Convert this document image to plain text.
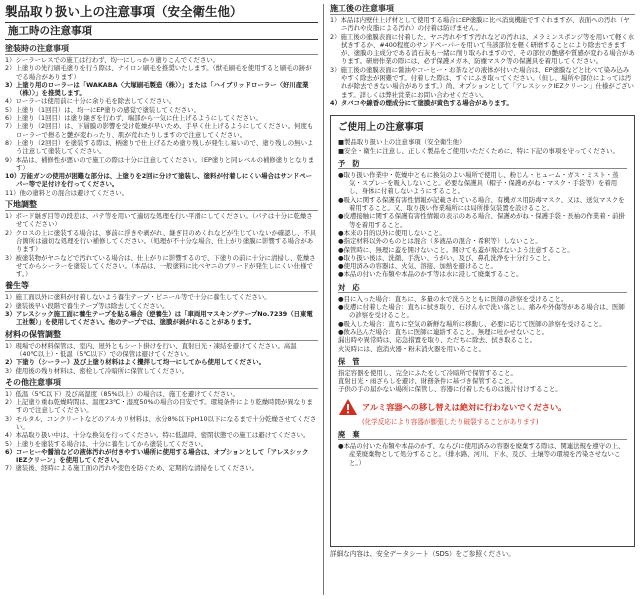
製品取り扱い上の注意事項（安全衛生他）
施工時の注意事項
塗装時の注意事項

1）シーラーレスでの施工は行わず、均一にしっかり塗りこんでください。

2）上塗りの先行刷毛塗りを行う際は、ナイロン刷毛を推奨いたします。（獣毛刷毛を使用すると刷毛の跡がでる場合があります）

3）上塗り用のローラーは「WAKABA〈大塚刷毛製造（株）〉」または「ハイブリッドローラー〈好川産業（株）〉」を推奨します。

4）ローラーは使用前に十分に余り毛を除去してください。

5）上塗り（1回目）は、均一にEP塗りの感覚で塗装してください。

6）上塗り（1回目）は塗り継ぎを行わず、端部から一気に仕上げるようにしてください。

7）上塗り（2回目）は、下層膜の影響を受け乾燥が早いため、手早く仕上げるようにしてください。何度もローラーで擦ると艶が変わったり、肌が荒れたりしますので注意してください。

8）上塗り（2回目）を塗装する際は、柄塗りで仕上げるため塗り残しが発生し易いので、塗り残しの無いよう注意して塗装してください。

9）本品は、補修性が悪いので施工の際は十分に注意してください。（EP塗りと同レベルの補修塗りとなります）

10）万能ガンの使用が困難な部分は、上塗りを2回に分けて塗装し、塗料が付着しにくい場合はサンドペーパー等で足付けを行ってください。

11）他の塗料との混合は避けてください。

下地調整

1）ボード継ぎ目等の段差は、パテ等を用いて適切な処理を行い平滑にしてください。（パテは十分に乾燥させてください）

2）クロスの上に塗装する場合は、事前に浮きや剥がれ、継ぎ目のめくれなどが生じていないか確認し、不具合箇所は適切な処理を行い補修してください。（処理が不十分な場合、仕上がり塗膜に影響する場合があります）

3）被塗装物がヤニなどで汚れている場合は、仕上がりに影響するので、下塗りの前に十分に清掃し、乾燥させてからシーラーを塗装してください。（本品は、一般塗料に比べヤニのブリードが発生しにくい仕様です。）

養生等

1）施工面以外に塗料が付着しないよう養生テープ・ビニール等で十分に養生してください。

2）塗装後早い段階で養生テープ等は除去してください。

3）アレスシック施工面に養生テープを貼る場合（逆養生）は「車両用マスキングテープNo.7239（日東電工社製）」を使用してください。他のテープでは、塗膜が剥がれることがあります。

材料の保管調整

1）現場での材料保管は、室内、屋外ともシート掛けを行い、直射日光・凍結を避けてください。高温（40℃以上）・低温（5℃以下）での保管は避けてください。

2）下塗り（シーラー）及び上塗り材料はよく攪拌して均一にしてから使用してください。

3）使用後の残り材料は、密栓して冷暗所に保管してください。

その他注意事項

1）低温（5℃以下）及び高湿度（85%以上）の場合は、施工を避けてください。

2）上記塗り重ね乾燥時間は、温度23℃・湿度50%の場合の目安です。環境条件により乾燥時間が異なりますので注意してください。

3）モルタル、コンクリートなどのアルカリ材料は、水分8%以下pH10以下になるまで十分乾燥させてください。

4）本品取り扱い中は、十分な換気を行ってください。特に低温時、密閉状態での施工は避けてください。

5）上塗りを塗装する場合は、十分に養生してから塗装してください。

6）コーヒーや醤油などの液体汚れが付きやすい場所に使用する場合は、オプションとして「アレスシックIEZクリーン」を使用してください。

7）塗装後、経時による施工面の汚れや変色を防ぐため、定期的な清掃をしてください。

施工後の注意事項

1）本品は内壁仕上げ材として使用する場合にEP塗膜に比べ消臭機能ですぐれますが、表面への汚れ（ヤニ汚れや皮脂による汚れ）の付着は防げません。

2）施工後の塗膜表面に付着した、ヤニ汚れやすす汚れなどの汚れは、メラミンスポンジ等を用いて軽く水拭きするか、#400程度のサンドペーパーを用いて当該部位を軽く研磨することにより除去できますが、塗膜の主成分である消石灰も一緒に削り取られますので、その部位の艶感や質感が変わる場合があります。研磨作業の際には、必ず保護メガネ、防塵マスク等の保護具を着用してください。

3）施工後の塗膜表面に醤油やコーヒー・お茶などの液体が付いた場合は、EP塗膜などと比べて染み込みやすく除去が困難です。付着した際は、すぐにふき取ってください。（但し、場所や部位によっては汚れが除去できない場合があります。）尚、オプションとして「アレスシックIEZクリーン」仕様がございます。詳しくは弊社営業にお問い合わせください。

4）タバコや線香の煙成分にて塗膜が黄色する場合があります。

ご使用上の注意事項

■製品取り扱い上の注意事項（安全衛生他）

■安全・衛生に注意し、正しく製品をご使用いただくために、特に下記の事項を守ってください。

予　防

●取り扱い作業中・乾燥中ともに換気のよい場所で使用し、粉じん・ヒューム・ガス・ミスト・蒸気・スプレーを吸入しないこと。必要な保護具（帽子・保護めがね・マスク・手袋等）を着用し、身体に付着しないようにすること。

●吸入に関する保護有害性情報が記載されている場合、有機ガス用防毒マスク、又は、送気マスクを着用すること。又、取り扱い作業場所には局所排気装置を設けること。

●皮膚接触に関する保護有害性情報の表示のある場合、保護めがね・保護手袋・長袖の作業着・前掛等を着用すること。

●本来の目的以外に使用しないこと。

●指定材料以外のものとは混合（多液品の混合・希釈等）しないこと。

●保管時に、無理に蓋を開けないこと。開けても蓋が飛ばないよう注意すること。

●取り扱い後は、洗顔、手洗い、うがい、及び、鼻孔洗浄を十分行うこと。

●使用済みの容器は、火気、溶接、加熱を避けること。

●本品の付いた布類や本品のかす等は水に浸して廃棄すること。

対　応

●目に入った場合：直ちに、多量の水で洗うとともに医師の診察を受けること。

●皮膚に付着した場合：直ちに拭き取り、石けん水で洗い落とし、痛みや外傷等がある場合は、医師の診察を受けること。

●吸入した場合：直ちに空気の新鮮な場所に移動し、必要に応じて医師の診察を受けること。

●飲み込んだ場合：直ちに医師に連絡すること。無理に吐かせないこと。

漏出時や異常時は、応急措置を取り、ただちに除去、拭き取ること。

火災時には、泡消火器・粉末消火器を用いること。

保　管

指定容器を使用し、完全にふたをして冷暗所で保管すること。

直射日光・雨ざらしを避け、財務条件に基づき保管すること。

子供の手の届かない場所に保管し、容器に付着したものは後片付けすること。

アルミ容器への移し替えは絶対に行わないでください。
(化学反応により容器が膨張したり破裂することがあります)
廃　棄

●本品の付いた布類や本品のかす、ならびに使用済みの容器を廃棄する際は、関連法規を遵守の上、産業廃棄物として処分すること。（排水路、河川、下水、及び、土壌等の環境を汚染させないこと。）

詳細な内容は、安全データシート（SDS）をご参照ください。
